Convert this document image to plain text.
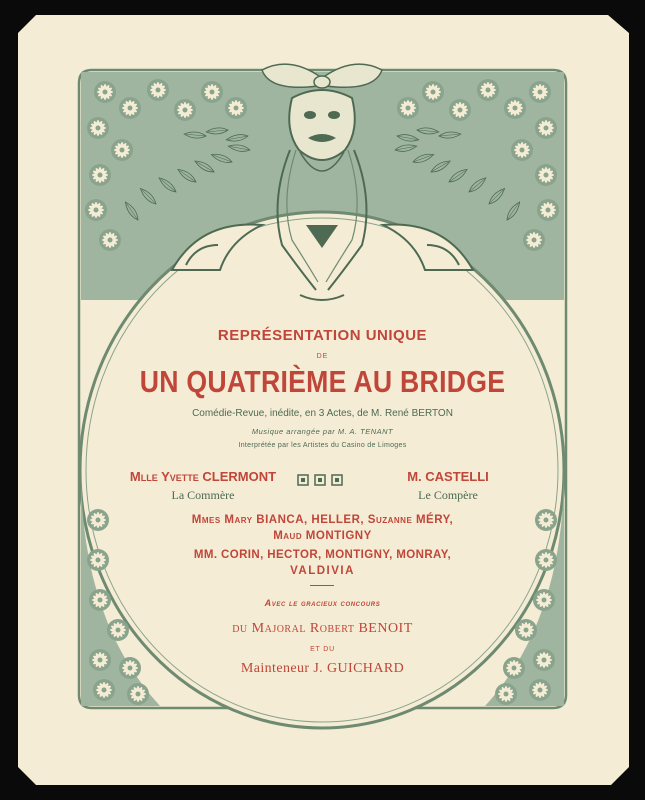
REPRÉSENTATION UNIQUE

DE

UN QUATRIÈME AU BRIDGE

Comédie-Revue, inédite, en 3 Actes, de M. René BERTON

Musique arrangée par M. A. TENANT

Interprétée par les Artistes du Casino de Limoges

Mlle Yvette CLERMONT

La Commère

M. CASTELLI

Le Compère

Mmes Mary BIANCA, HELLER, Suzanne MÉRY,

Maud MONTIGNY

MM. CORIN, HECTOR, MONTIGNY, MONRAY,

VALDIVIA

Avec le gracieux concours

du Majoral Robert BENOIT

ET DU

Mainteneur J. GUICHARD
